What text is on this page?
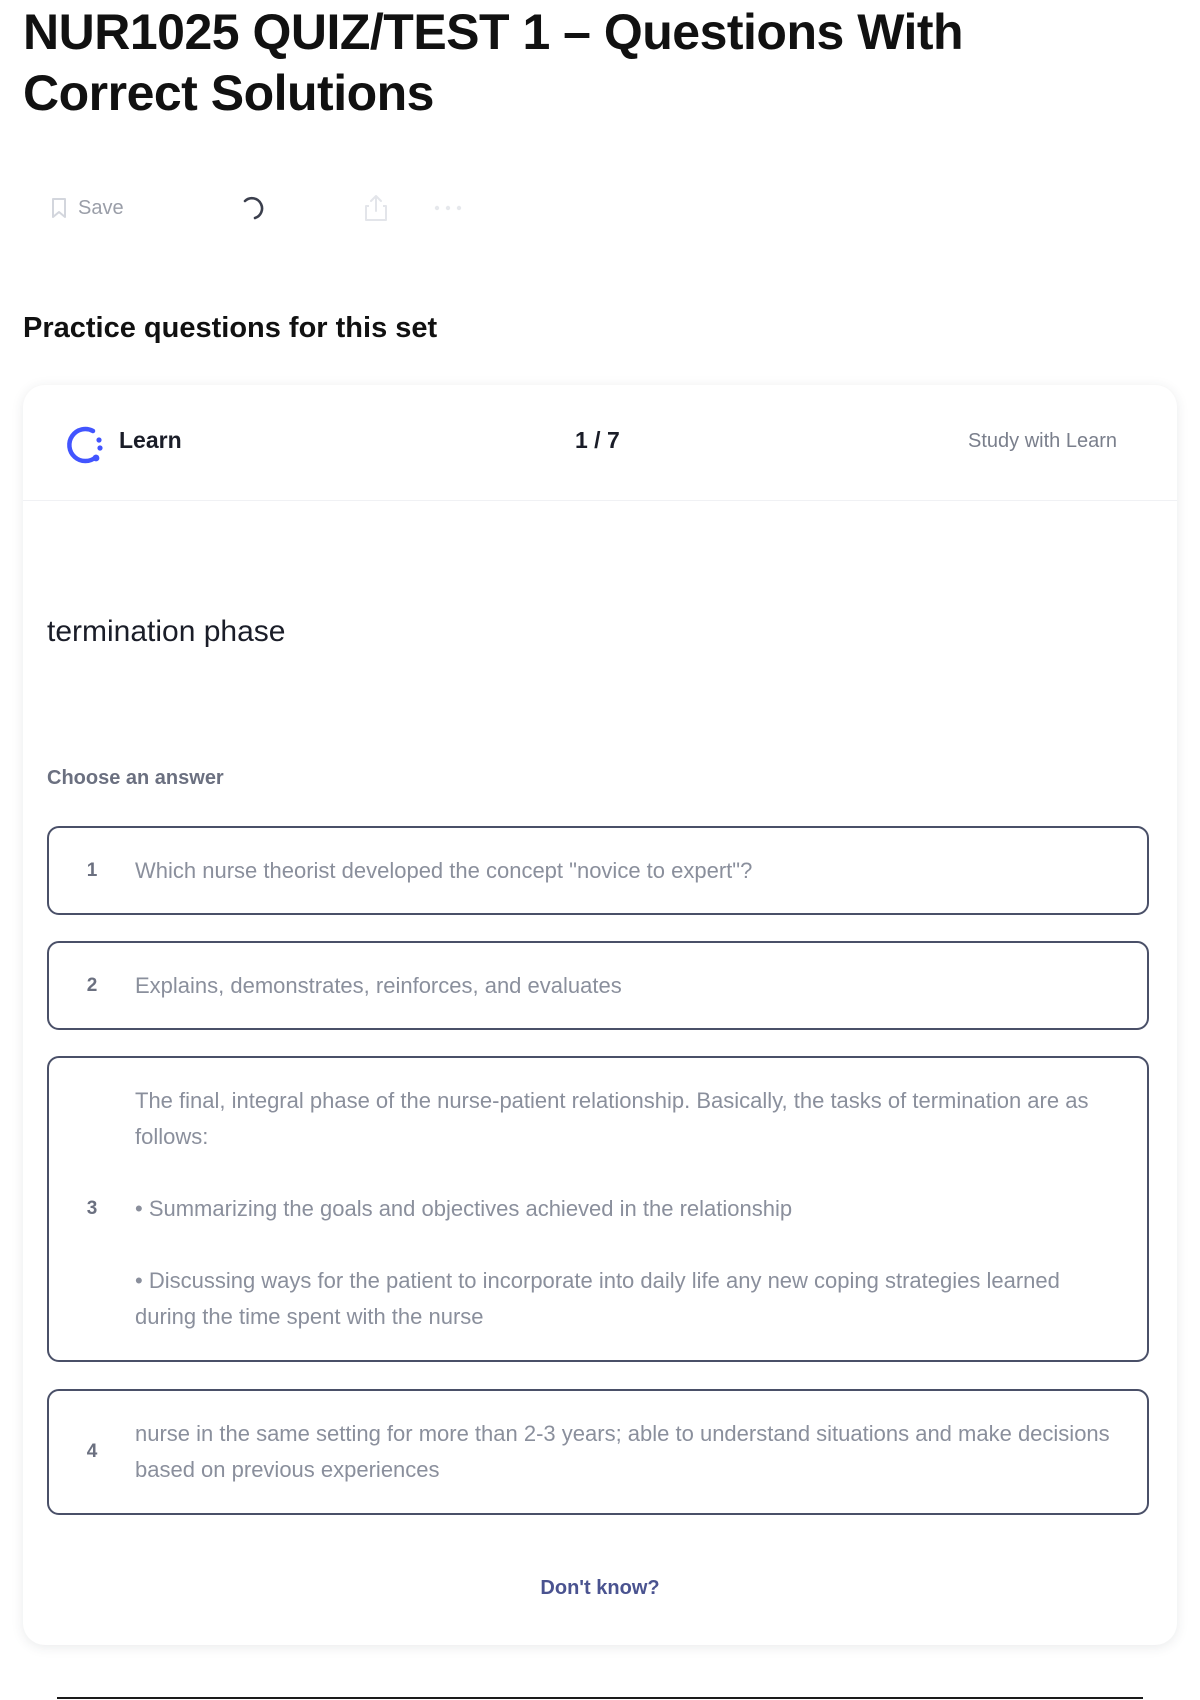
NUR1025 QUIZ/TEST 1 – Questions With Correct Solutions
Save
Practice questions for this set
Learn	1 / 7	Study with Learn
termination phase
Choose an answer
1	Which nurse theorist developed the concept "novice to expert"?
2	Explains, demonstrates, reinforces, and evaluates
3

The final, integral phase of the nurse-patient relationship. Basically, the tasks of termination are as follows:

• Summarizing the goals and objectives achieved in the relationship

• Discussing ways for the patient to incorporate into daily life any new coping strategies learned during the time spent with the nurse

4
nurse in the same setting for more than 2-3 years; able to understand situations and make decisions based on previous experiences
Don't know?
